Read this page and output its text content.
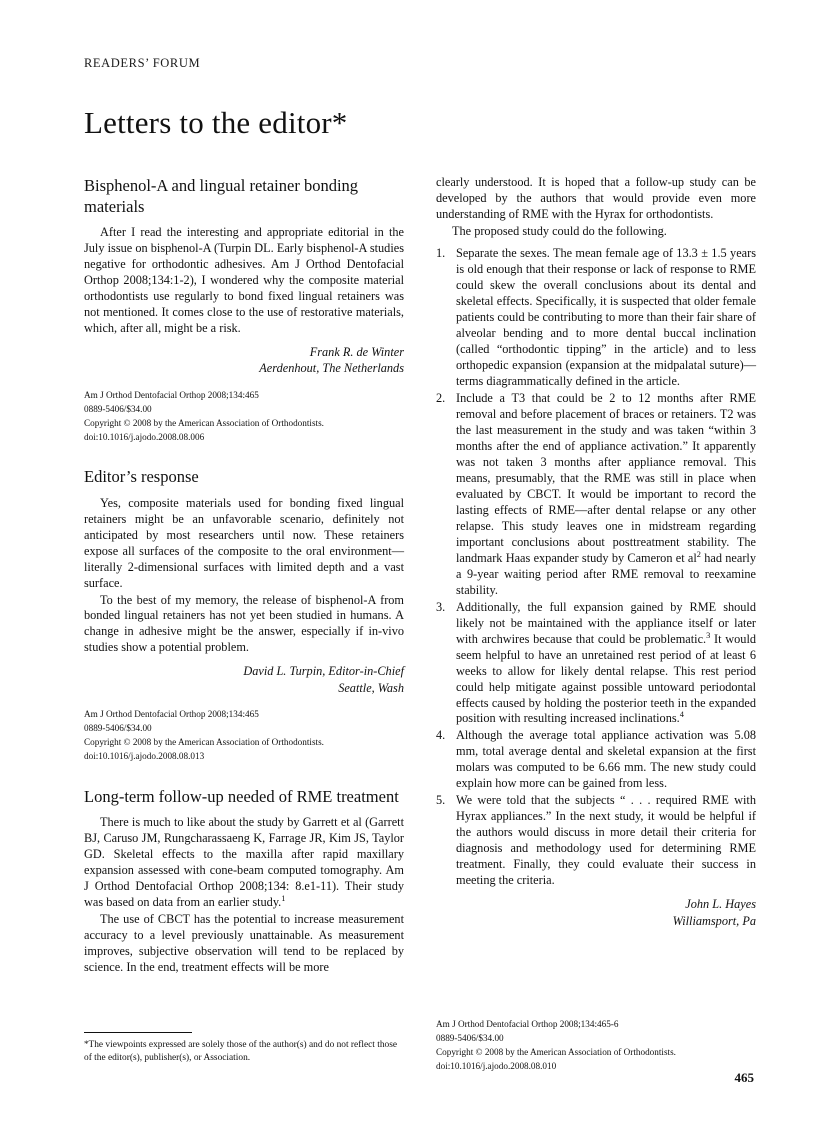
READERS’ FORUM
Letters to the editor*
Bisphenol-A and lingual retainer bonding materials

After I read the interesting and appropriate editorial in the July issue on bisphenol-A (Turpin DL. Early bisphenol-A studies negative for orthodontic adhesives. Am J Orthod Dentofacial Orthop 2008;134:1-2), I wondered why the composite material orthodontists use regularly to bond fixed lingual retainers was not mentioned. It comes close to the use of restorative materials, which, after all, might be a risk.

Frank R. de Winter
Aerdenhout, The Netherlands
Am J Orthod Dentofacial Orthop 2008;134:465
0889-5406/$34.00
Copyright © 2008 by the American Association of Orthodontists.
doi:10.1016/j.ajodo.2008.08.006
Editor’s response

Yes, composite materials used for bonding fixed lingual retainers might be an unfavorable scenario, definitely not anticipated by most researchers until now. These retainers expose all surfaces of the composite to the oral environment—literally 2-dimensional surfaces with limited depth and a vast surface.

To the best of my memory, the release of bisphenol-A from bonded lingual retainers has not yet been studied in humans. A change in adhesive might be the answer, especially if in-vivo studies show a potential problem.

David L. Turpin, Editor-in-Chief
Seattle, Wash
Am J Orthod Dentofacial Orthop 2008;134:465
0889-5406/$34.00
Copyright © 2008 by the American Association of Orthodontists.
doi:10.1016/j.ajodo.2008.08.013
Long-term follow-up needed of RME treatment

There is much to like about the study by Garrett et al (Garrett BJ, Caruso JM, Rungcharassaeng K, Farrage JR, Kim JS, Taylor GD. Skeletal effects to the maxilla after rapid maxillary expansion assessed with cone-beam computed tomography. Am J Orthod Dentofacial Orthop 2008;134: 8.e1-11). Their study was based on data from an earlier study.$^1$

The use of CBCT has the potential to increase measurement accuracy to a level previously unattainable. As measurement improves, subjective observation will tend to be replaced by science. In the end, treatment effects will be more

clearly understood. It is hoped that a follow-up study can be developed by the authors that would provide even more understanding of RME with the Hyrax for orthodontists.

The proposed study could do the following.

1. Separate the sexes. The mean female age of 13.3 ± 1.5 years is old enough that their response or lack of response to RME could skew the overall conclusions about its dental and skeletal effects. Specifically, it is suspected that older female patients could be contributing to more than their fair share of alveolar bending and to more dental buccal inclination (called “orthodontic tipping” in the article) and to less orthopedic expansion (expansion at the midpalatal suture)—terms diagrammatically defined in the article.
2. Include a T3 that could be 2 to 12 months after RME removal and before placement of braces or retainers. T2 was the last measurement in the study and was taken “within 3 months after the end of appliance activation.” It apparently was not taken 3 months after appliance removal. This means, presumably, that the RME was still in place when evaluated by CBCT. It would be important to record the lasting effects of RME—after dental relapse or any other relapse. This study leaves one in midstream regarding important conclusions about posttreatment stability. The landmark Haas expander study by Cameron et $al^2$ had nearly a 9-year waiting period after RME removal to reexamine stability.
3. Additionally, the full expansion gained by RME should likely not be maintained with the appliance itself or later with archwires because that could be problematic.$^3$ It would seem helpful to have an unretained rest period of at least 6 weeks to allow for likely dental relapse. This rest period could help mitigate against possible untoward periodontal effects caused by holding the posterior teeth in the expanded position with resulting increased inclinations.$^4$
4. Although the average total appliance activation was 5.08 mm, total average dental and skeletal expansion at the first molars was computed to be 6.66 mm. The new study could explain how more can be gained from less.
5. We were told that the subjects “ . . . required RME with Hyrax appliances.” In the next study, it would be helpful if the authors would discuss in more detail their criteria for diagnosis and methodology used for determining RME treatment. Finally, they could evaluate their success in meeting the criteria.
John L. Hayes
Williamsport, Pa
Am J Orthod Dentofacial Orthop 2008;134:465-6
0889-5406/$34.00
Copyright © 2008 by the American Association of Orthodontists.
doi:10.1016/j.ajodo.2008.08.010
*The viewpoints expressed are solely those of the author(s) and do not reflect those of the editor(s), publisher(s), or Association.
465
